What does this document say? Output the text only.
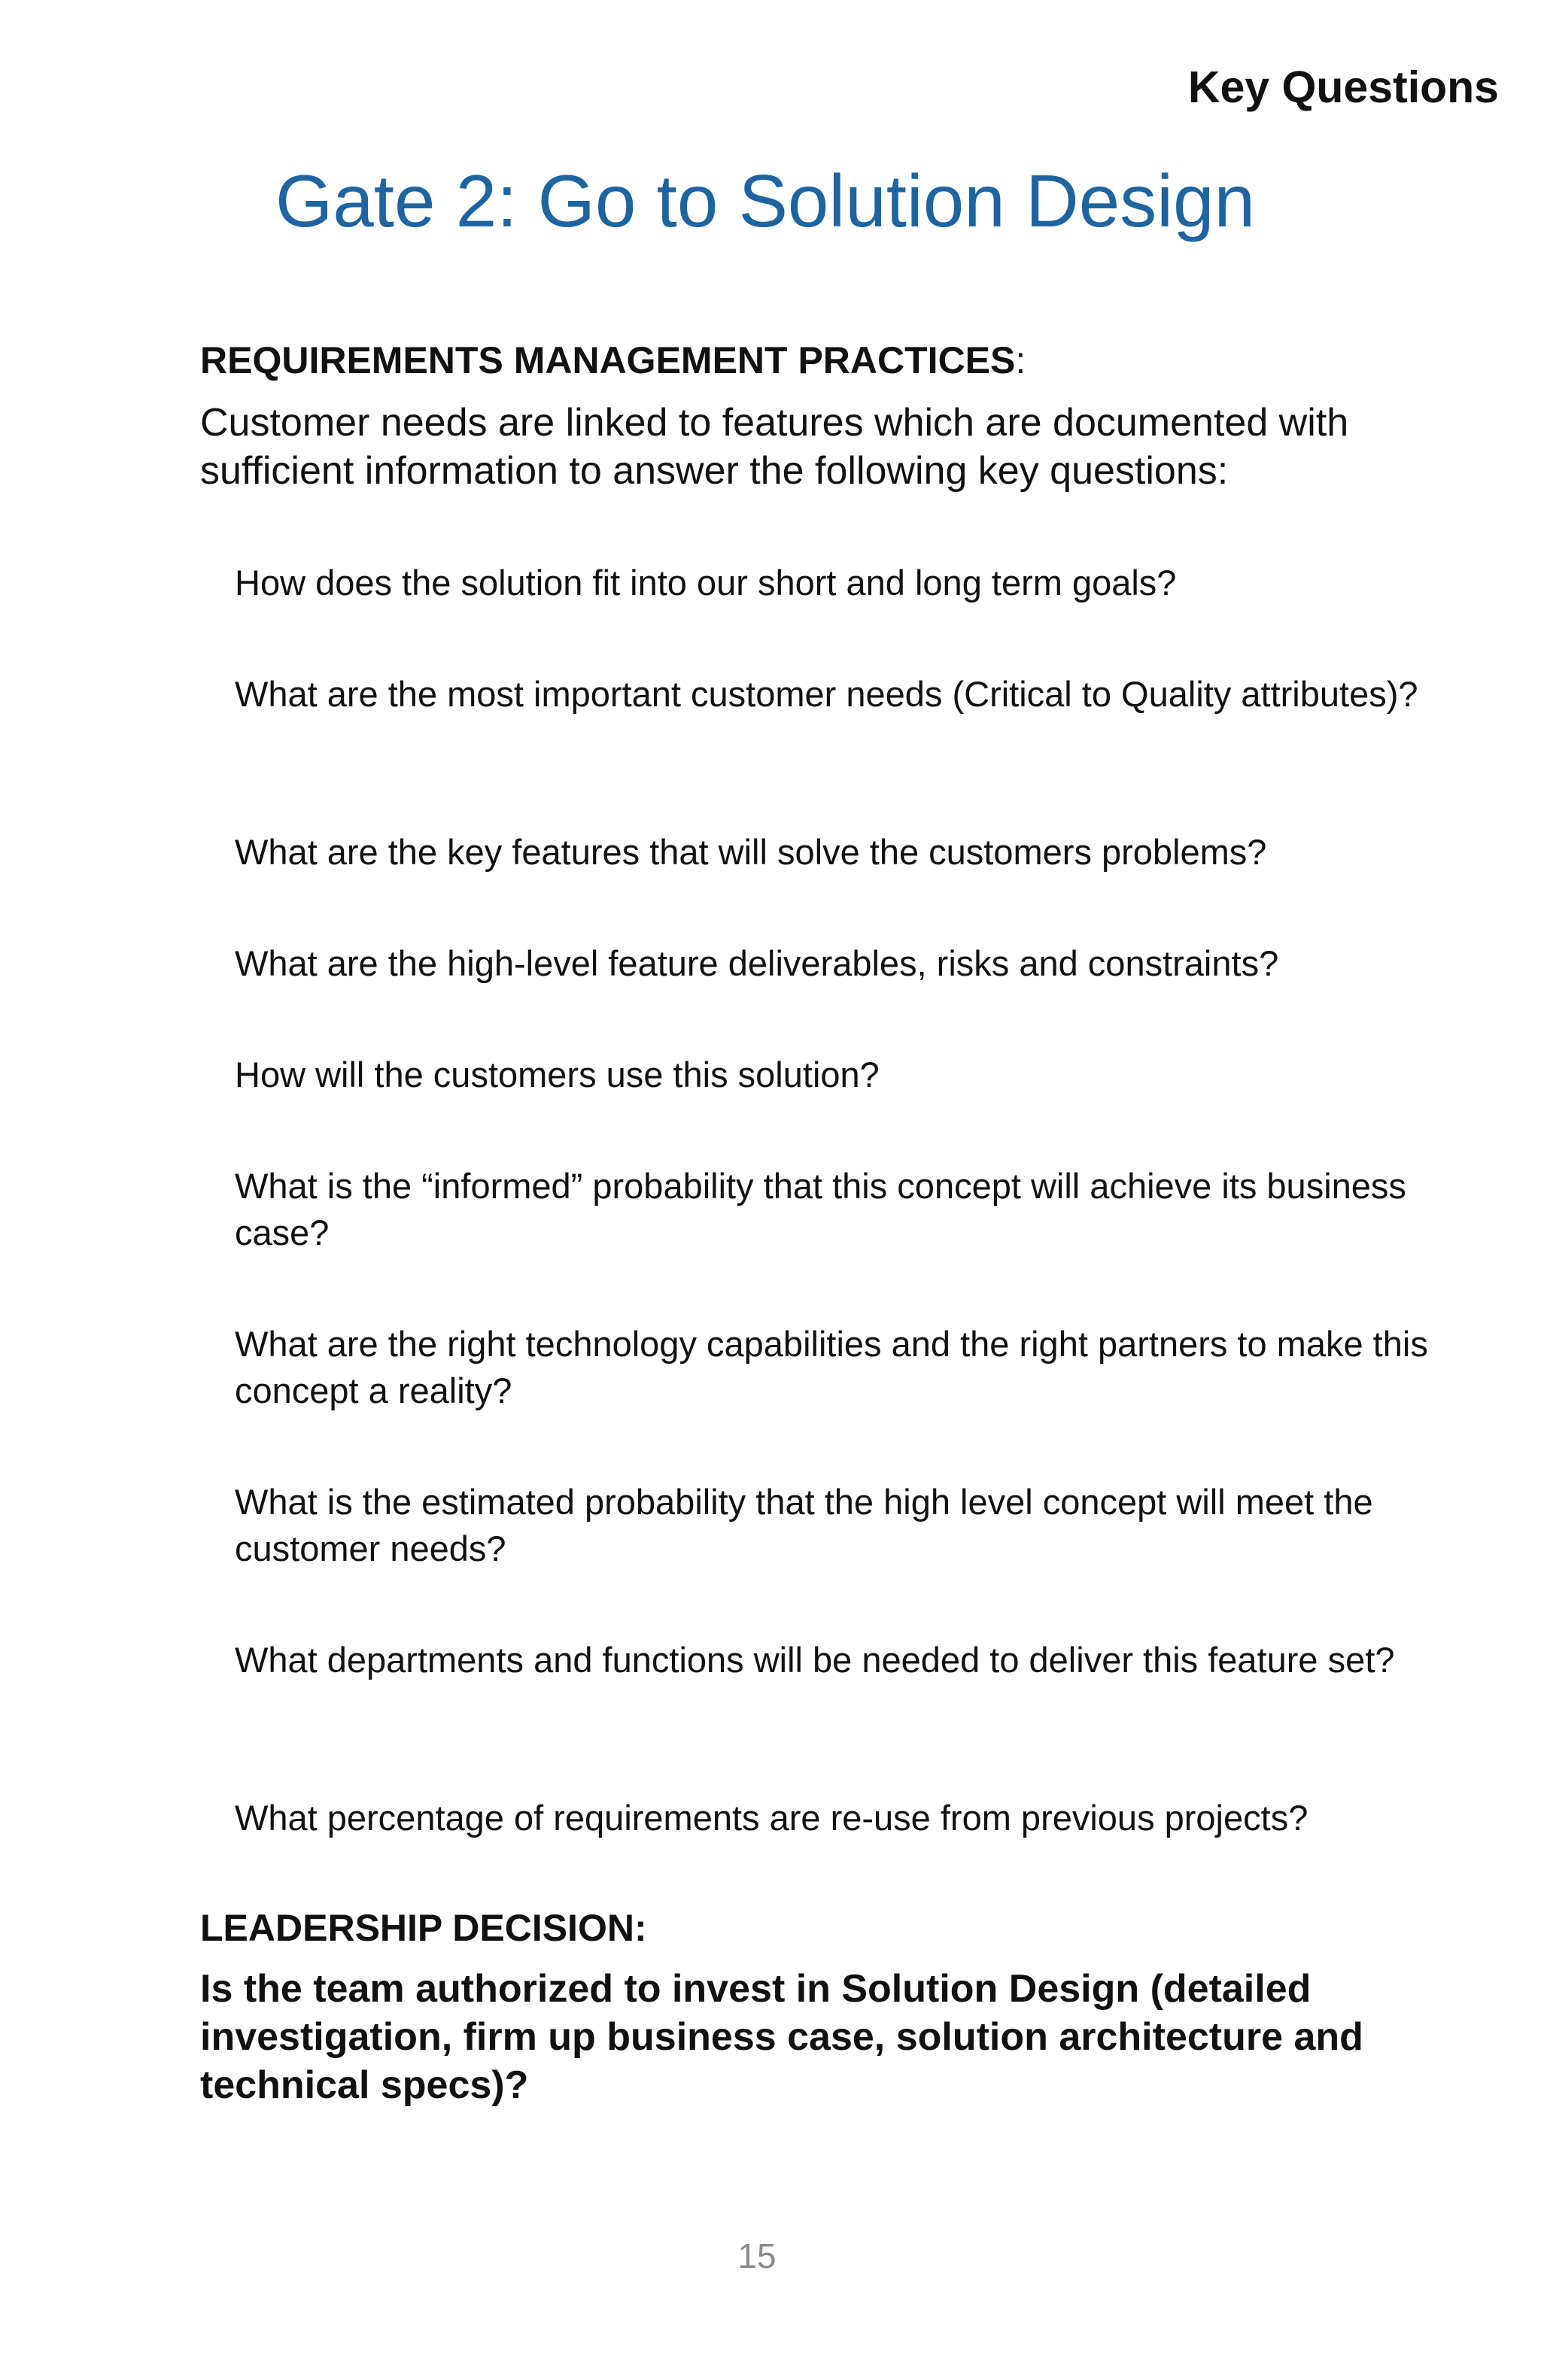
Key Questions
Gate 2: Go to Solution Design
REQUIREMENTS MANAGEMENT PRACTICES:

Customer needs are linked to features which are documented with sufficient information to answer the following key questions:

How does the solution fit into our short and long term goals?
What are the most important customer needs (Critical to Quality attributes)?
What are the key features that will solve the customers problems?
What are the high-level feature deliverables, risks and constraints?
How will the customers use this solution?
What is the “informed” probability that this concept will achieve its business case?
What are the right technology capabilities and the right partners to make this concept a reality?
What is the estimated probability that the high level concept will meet the customer needs?
What departments and functions will be needed to deliver this feature set?
What percentage of requirements are re-use from previous projects?
LEADERSHIP DECISION:

Is the team authorized to invest in Solution Design (detailed investigation, firm up business case, solution architecture and technical specs)?

15
